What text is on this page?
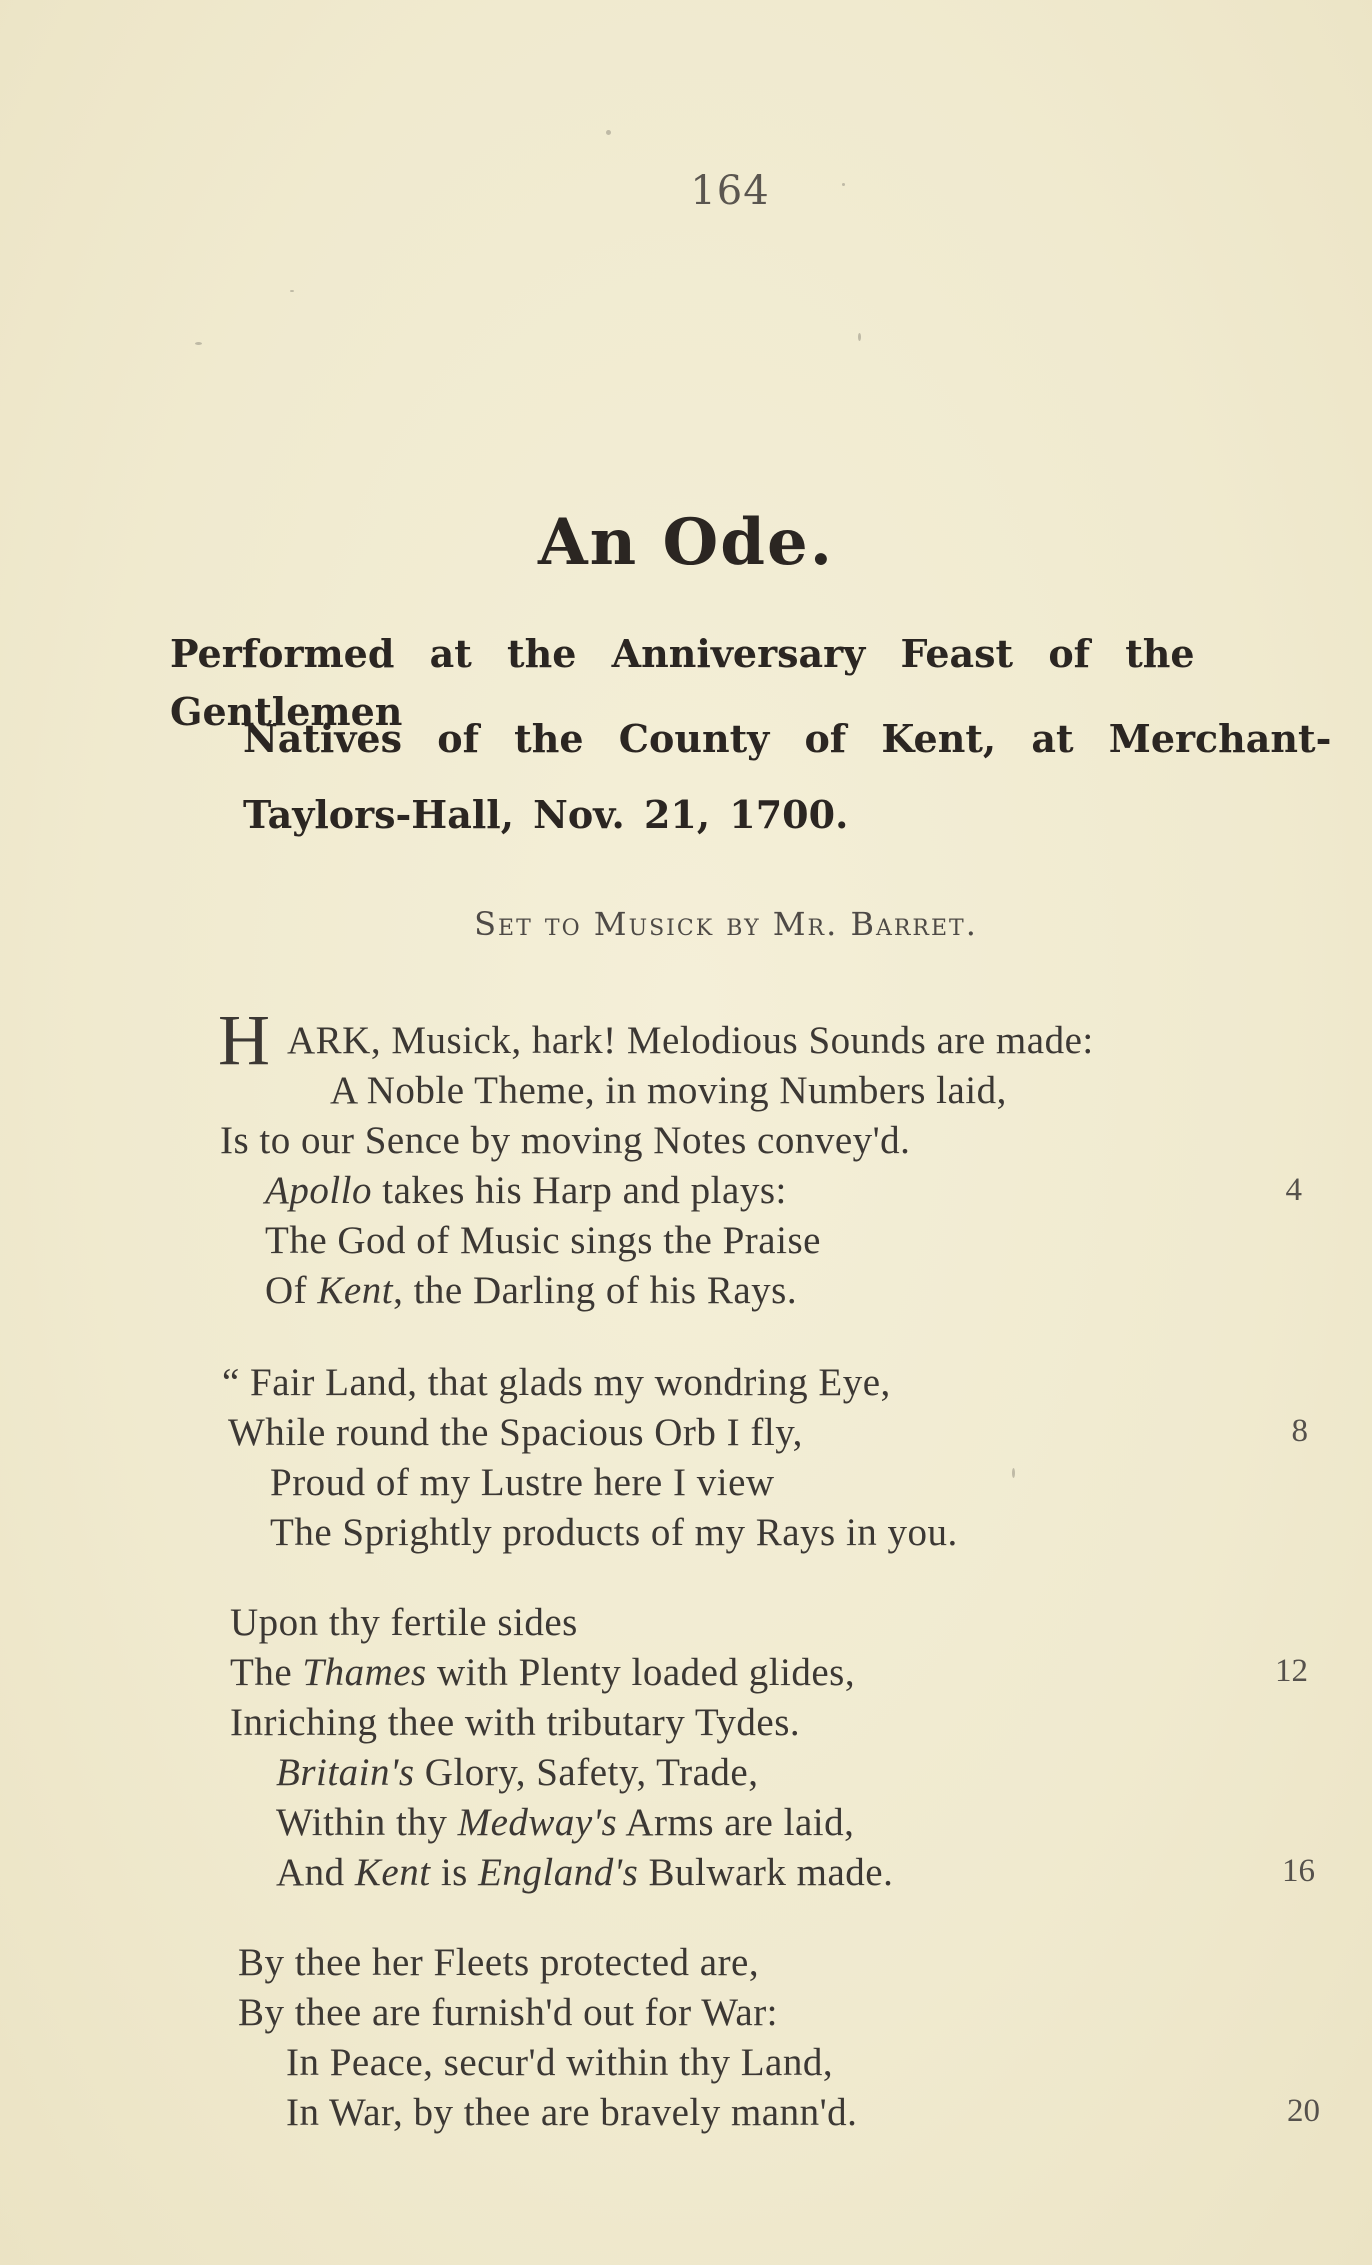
164
An Ode.
Performed at the Anniversary Feast of the Gentlemen
Natives of the County of Kent, at Merchant-
Taylors-Hall, Nov. 21, 1700.
Set to Musick by Mr. Barret.
H ARK, Musick, hark! Melodious Sounds are made:
A Noble Theme, in moving Numbers laid,
Is to our Sence by moving Notes convey'd.
Apollo takes his Harp and plays:
The God of Music sings the Praise
Of Kent, the Darling of his Rays.
4
“ Fair Land, that glads my wondring Eye,
While round the Spacious Orb I fly,
Proud of my Lustre here I view
The Sprightly products of my Rays in you.
8
Upon thy fertile sides
The Thames with Plenty loaded glides,
Inriching thee with tributary Tydes.
Britain's Glory, Safety, Trade,
Within thy Medway's Arms are laid,
And Kent is England's Bulwark made.
12
16
By thee her Fleets protected are,
By thee are furnish'd out for War:
In Peace, secur'd within thy Land,
In War, by thee are bravely mann'd.	20
